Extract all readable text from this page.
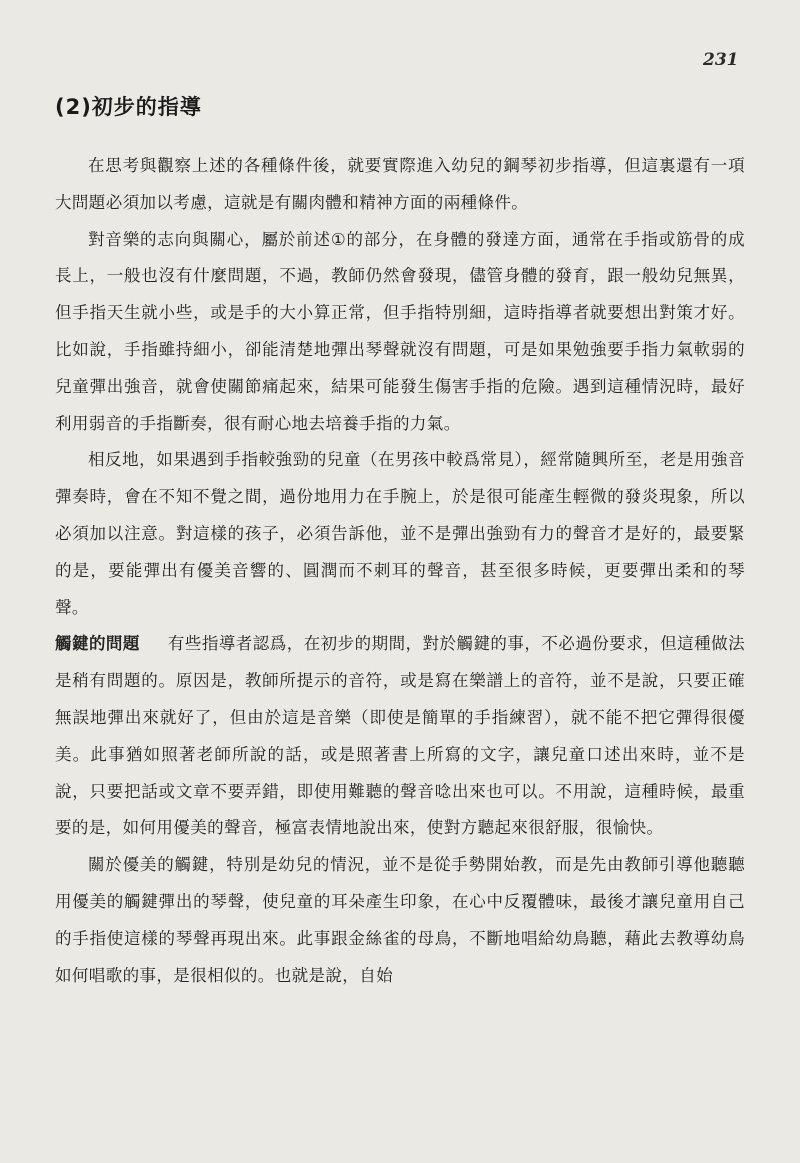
231
(2)初步的指導

在思考與觀察上述的各種條件後，就要實際進入幼兒的鋼琴初步指導，但這裏還有一項大問題必須加以考慮，這就是有關肉體和精神方面的兩種條件。

對音樂的志向與關心，屬於前述①的部分，在身體的發達方面，通常在手指或筋骨的成長上，一般也沒有什麼問題，不過，教師仍然會發現，儘管身體的發育，跟一般幼兒無異，但手指天生就小些，或是手的大小算正常，但手指特別細，這時指導者就要想出對策才好。比如說，手指雖持細小，卻能清楚地彈出琴聲就沒有問題，可是如果勉強要手指力氣軟弱的兒童彈出強音，就會使關節痛起來，結果可能發生傷害手指的危險。遇到這種情況時，最好利用弱音的手指斷奏，很有耐心地去培養手指的力氣。

相反地，如果遇到手指較強勁的兒童（在男孩中較爲常見），經常隨興所至，老是用強音彈奏時，會在不知不覺之間，過份地用力在手腕上，於是很可能產生輕微的發炎現象，所以必須加以注意。對這樣的孩子，必須告訴他，並不是彈出強勁有力的聲音才是好的，最要緊的是，要能彈出有優美音響的、圓潤而不刺耳的聲音，甚至很多時候，更要彈出柔和的琴聲。

觸鍵的問題 有些指導者認爲，在初步的期間，對於觸鍵的事，不必過份要求，但這種做法是稍有問題的。原因是，教師所提示的音符，或是寫在樂譜上的音符，並不是說，只要正確無誤地彈出來就好了，但由於這是音樂（即使是簡單的手指練習），就不能不把它彈得很優美。此事猶如照著老師所說的話，或是照著書上所寫的文字，讓兒童口述出來時，並不是說，只要把話或文章不要弄錯，即使用難聽的聲音唸出來也可以。不用說，這種時候，最重要的是，如何用優美的聲音，極富表情地說出來，使對方聽起來很舒服，很愉快。

關於優美的觸鍵，特別是幼兒的情況，並不是從手勢開始教，而是先由教師引導他聽聽用優美的觸鍵彈出的琴聲，使兒童的耳朵產生印象，在心中反覆體味，最後才讓兒童用自己的手指使這樣的琴聲再現出來。此事跟金絲雀的母鳥，不斷地唱給幼鳥聽，藉此去教導幼鳥如何唱歌的事，是很相似的。也就是說，自始
